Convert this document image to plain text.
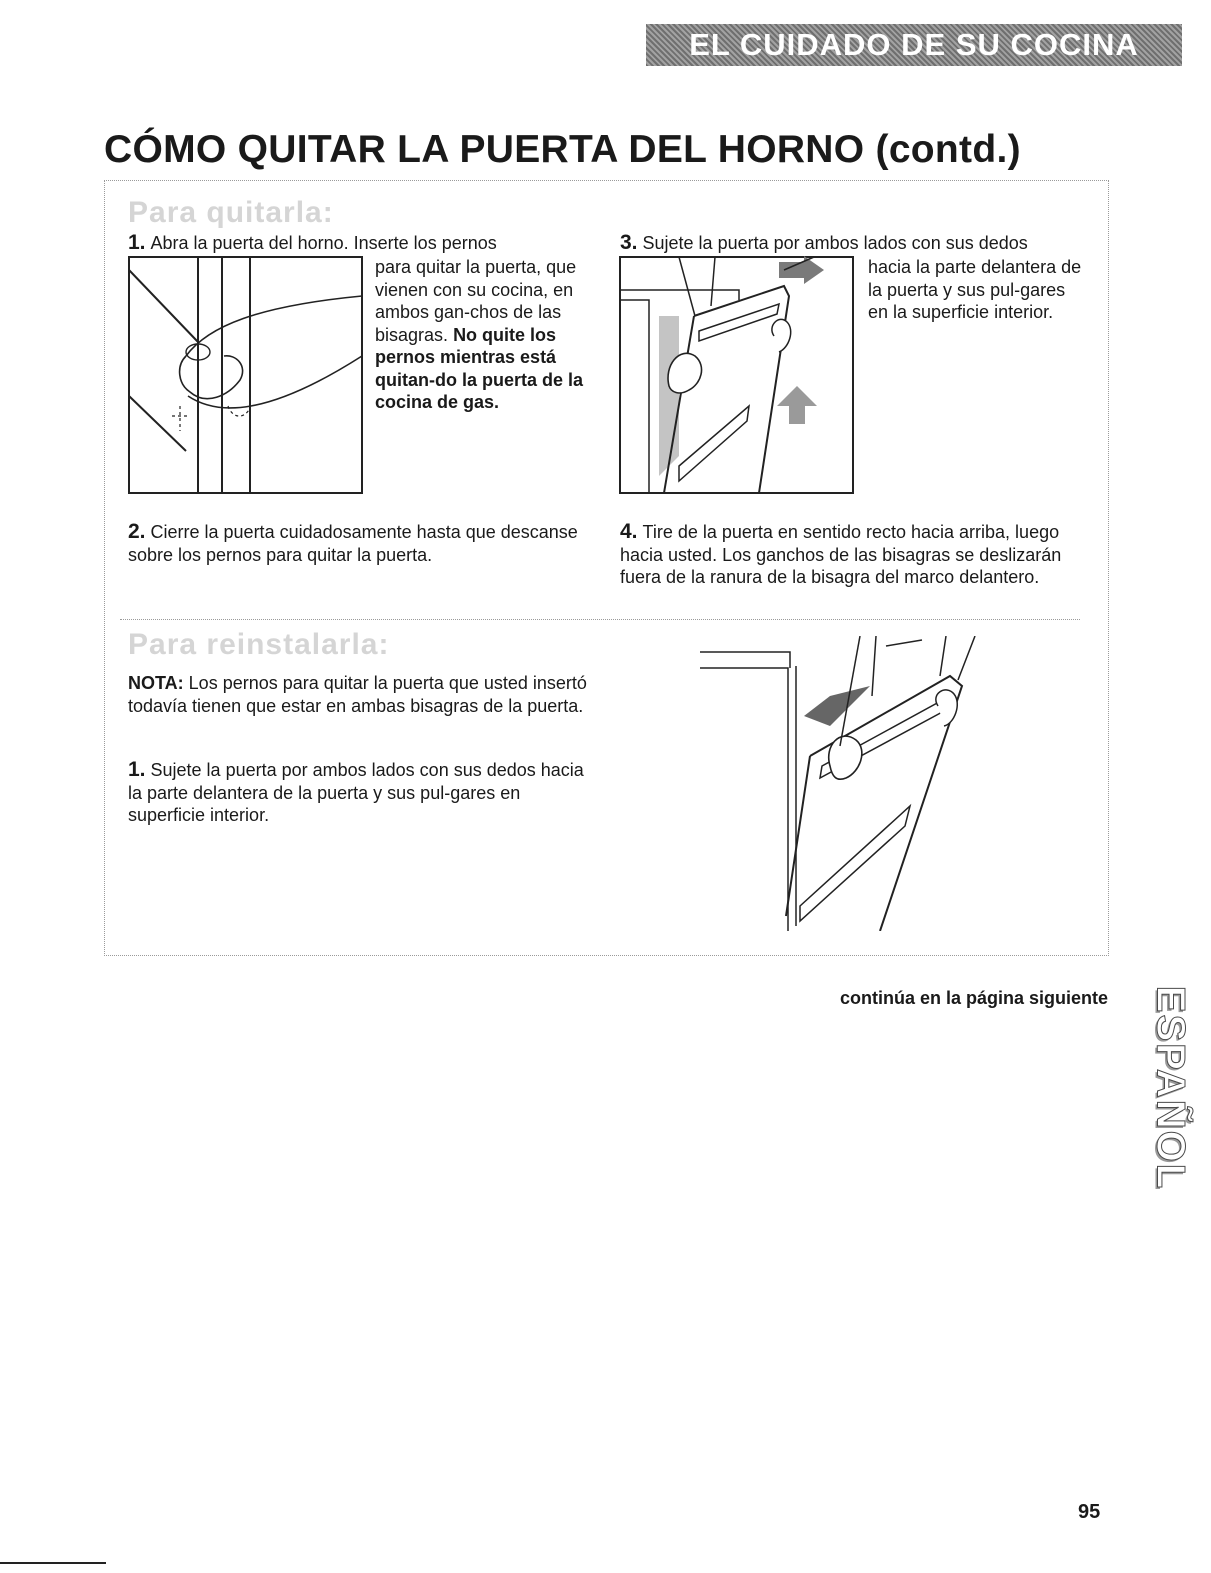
EL CUIDADO DE SU COCINA
CÓMO QUITAR LA PUERTA DEL HORNO (contd.)
Para quitarla:
1. Abra la puerta del horno. Inserte los pernos
para quitar la puerta, que vienen con su cocina, en ambos gan-chos de las bisagras. No quite los pernos mientras está quitan-do la puerta de la cocina de gas.
2. Cierre la puerta cuidadosamente hasta que descanse sobre los pernos para quitar la puerta.
3. Sujete la puerta por ambos lados con sus dedos
hacia la parte delantera de la puerta y sus pul-gares en la superficie interior.
4. Tire de la puerta en sentido recto hacia arriba, luego hacia usted. Los ganchos de las bisagras se deslizarán fuera de la ranura de la bisagra del marco delantero.
Para reinstalarla:
NOTA: Los pernos para quitar la puerta que usted insertó todavía tienen que estar en ambas bisagras de la puerta.
1. Sujete la puerta por ambos lados con sus dedos hacia la parte delantera de la puerta y sus pul-gares en superficie interior.
continúa en la página siguiente ESPAÑOL
95
